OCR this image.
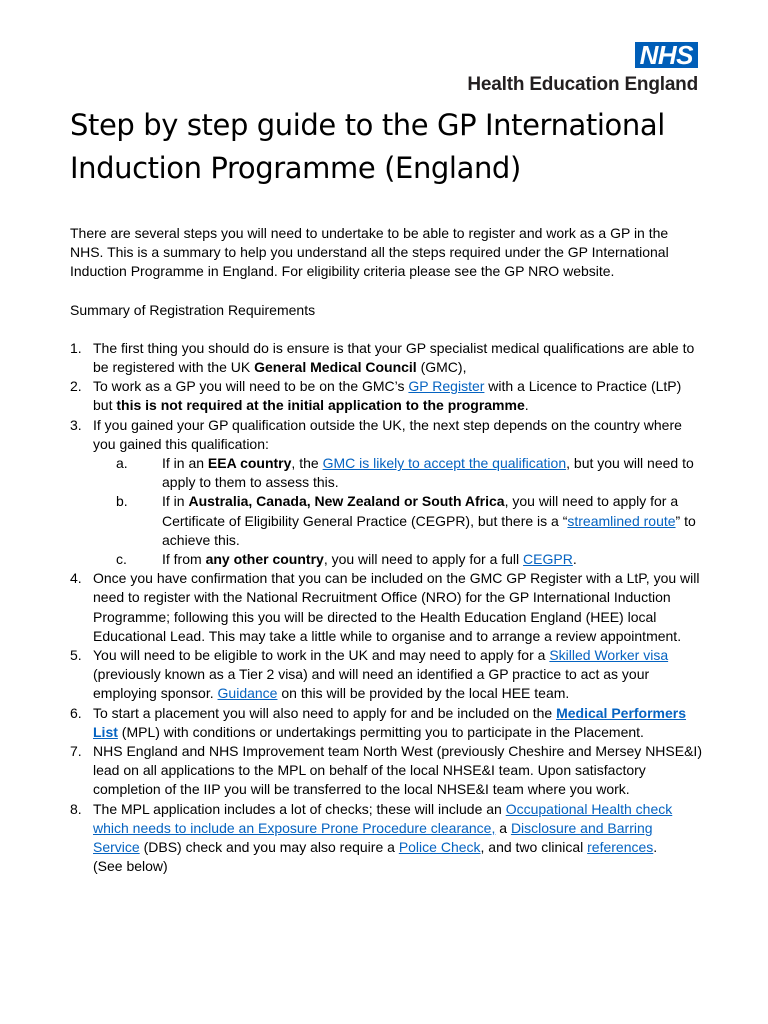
NHS
Health Education England
Step by step guide to the GP International Induction Programme (England)

There are several steps you will need to undertake to be able to register and work as a GP in the NHS. This is a summary to help you understand all the steps required under the GP International Induction Programme in England. For eligibility criteria please see the GP NRO website.

Summary of Registration Requirements

1. The first thing you should do is ensure is that your GP specialist medical qualifications are able to be registered with the UK General Medical Council (GMC),
2. To work as a GP you will need to be on the GMC’s GP Register with a Licence to Practice (LtP) but this is not required at the initial application to the programme.
3. If you gained your GP qualification outside the UK, the next step depends on the country where you gained this qualification:
a. If in an EEA country, the GMC is likely to accept the qualification, but you will need to apply to them to assess this.
b. If in Australia, Canada, New Zealand or South Africa, you will need to apply for a Certificate of Eligibility General Practice (CEGPR), but there is a “streamlined route” to achieve this.
c.	If from any other country, you will need to apply for a full CEGPR.
4. Once you have confirmation that you can be included on the GMC GP Register with a LtP, you will need to register with the National Recruitment Office (NRO) for the GP International Induction Programme; following this you will be directed to the Health Education England (HEE) local Educational Lead. This may take a little while to organise and to arrange a review appointment.
5. You will need to be eligible to work in the UK and may need to apply for a Skilled Worker visa (previously known as a Tier 2 visa) and will need an identified a GP practice to act as your employing sponsor. Guidance on this will be provided by the local HEE team.
6. To start a placement you will also need to apply for and be included on the Medical Performers List (MPL) with conditions or undertakings permitting you to participate in the Placement.
7. NHS England and NHS Improvement team North West (previously Cheshire and Mersey NHSE&I) lead on all applications to the MPL on behalf of the local NHSE&I team. Upon satisfactory completion of the IIP you will be transferred to the local NHSE&I team where you work.
8. The MPL application includes a lot of checks; these will include an Occupational Health check which needs to include an Exposure Prone Procedure clearance, a Disclosure and Barring Service (DBS) check and you may also require a Police Check, and two clinical references.
(See below)
